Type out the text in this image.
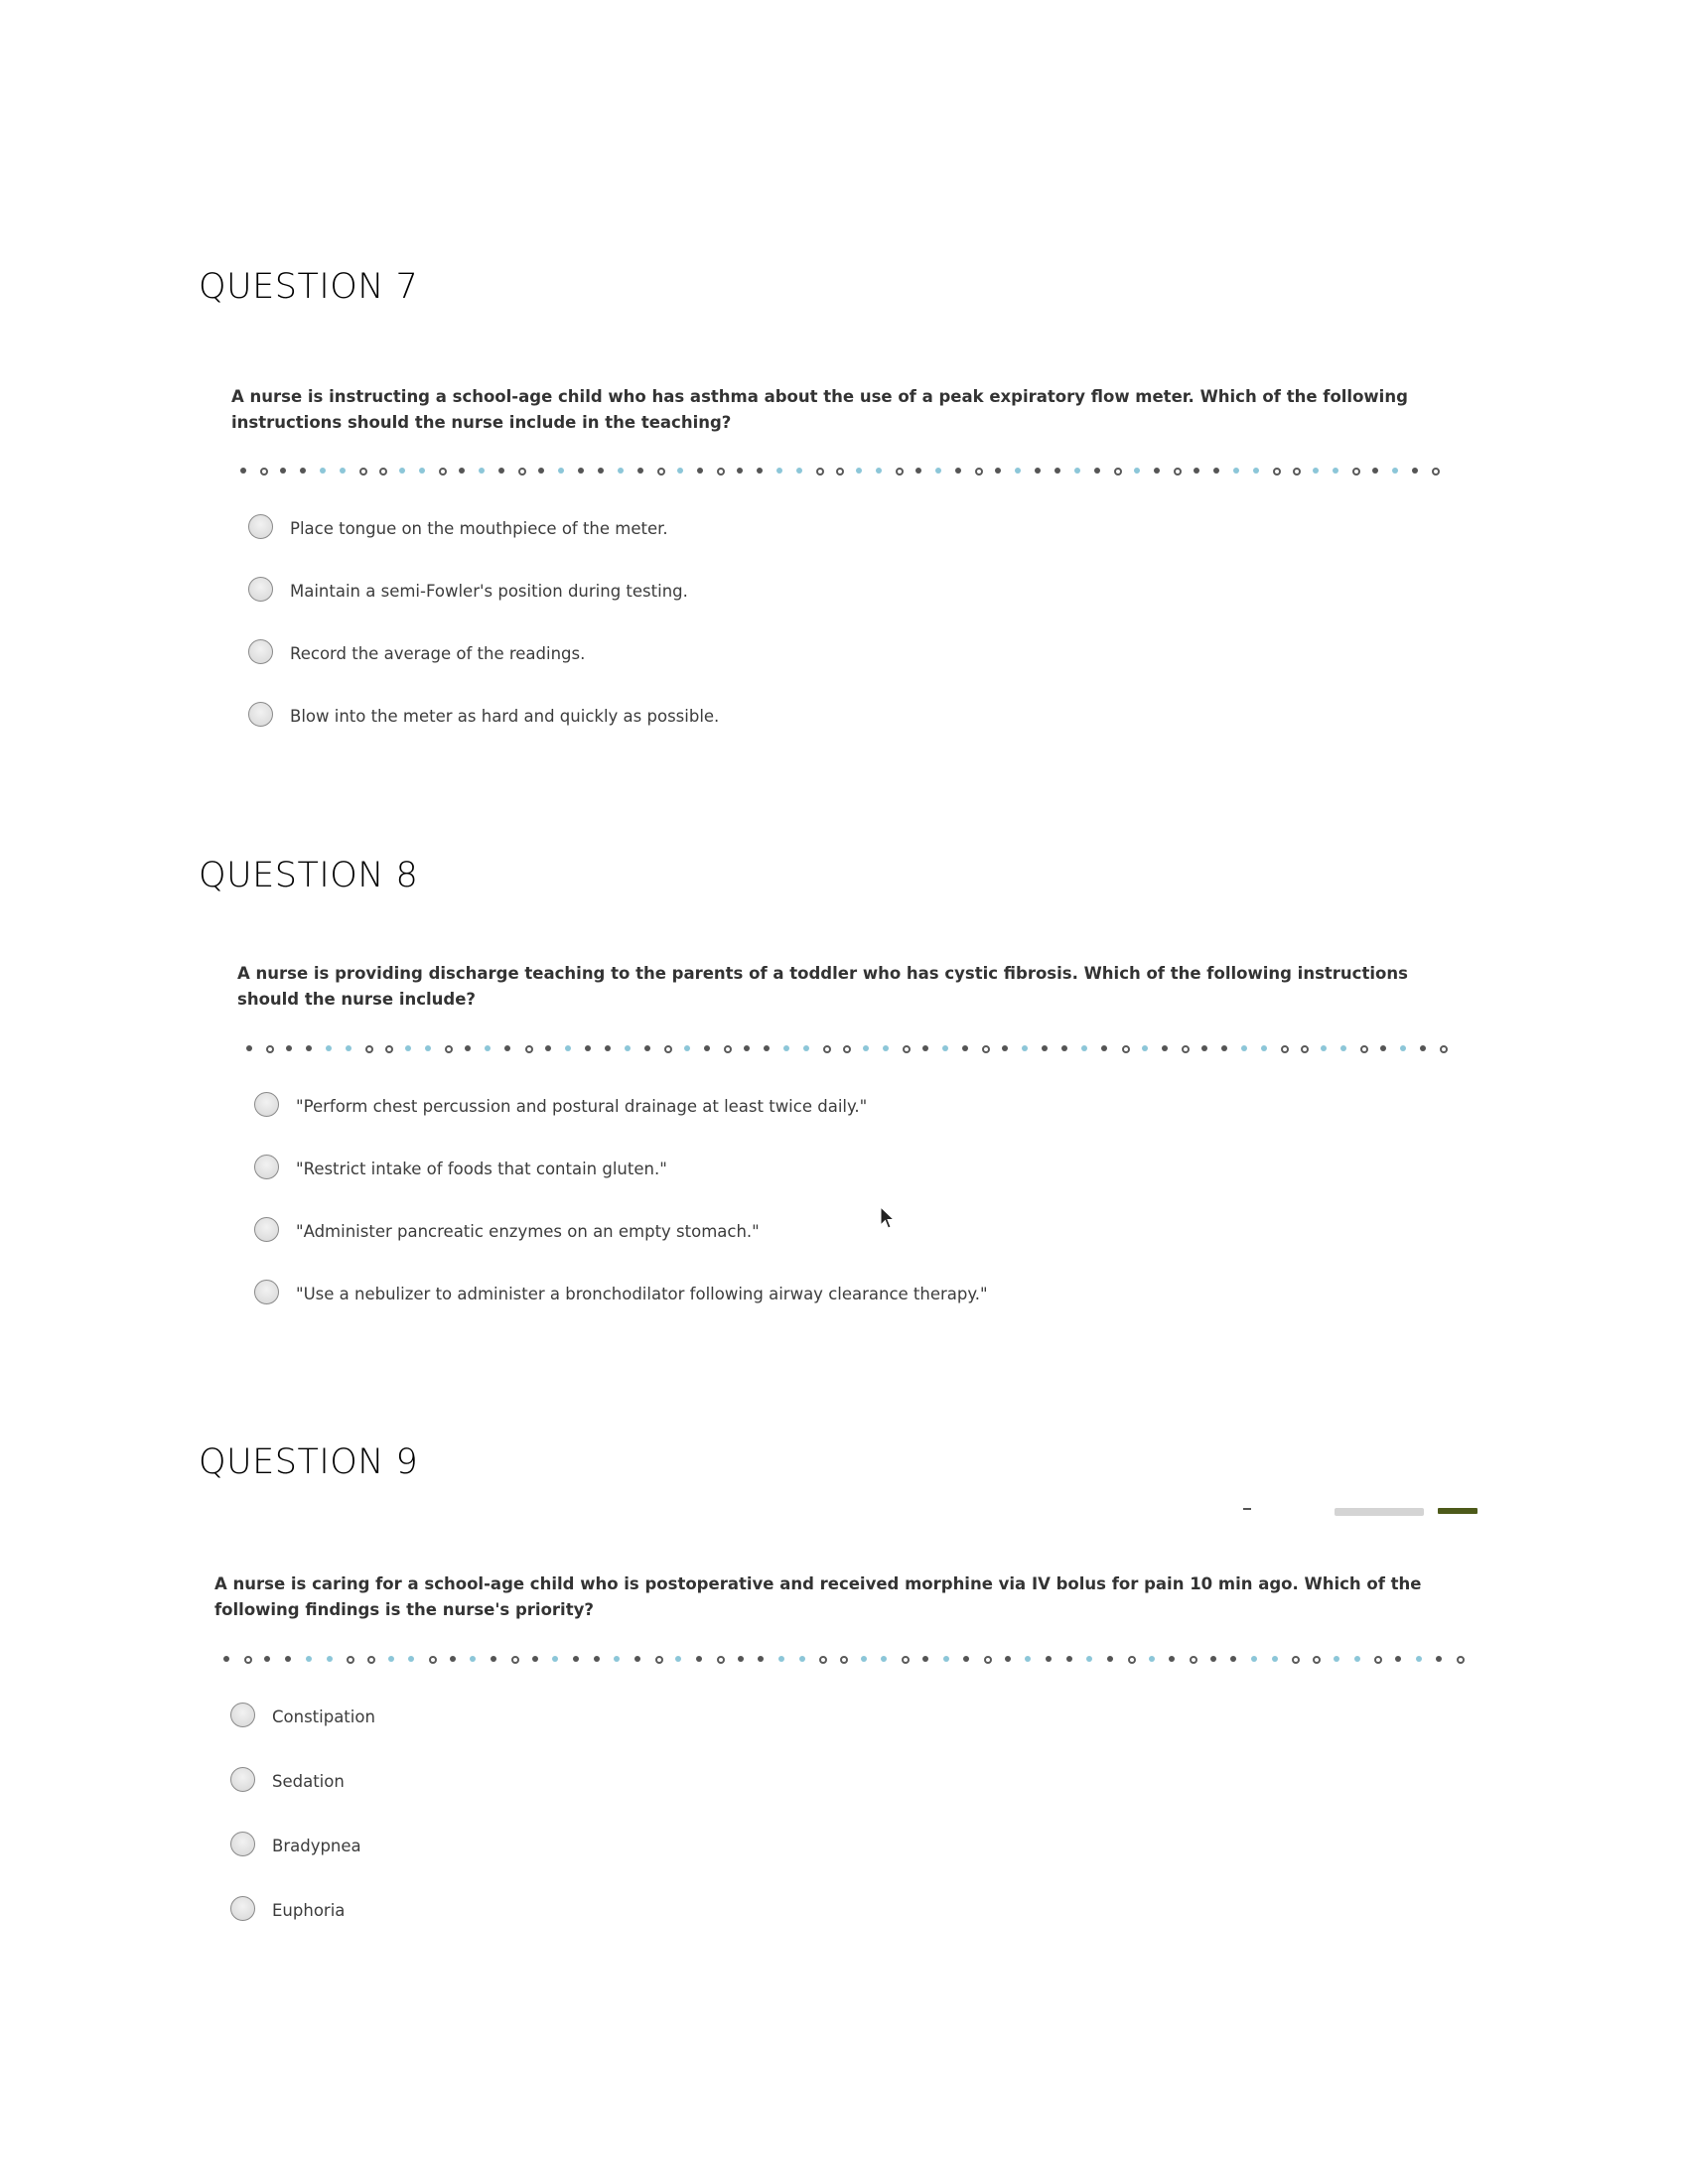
QUESTION 7

A nurse is instructing a school-age child who has asthma about the use of a peak expiratory flow meter. Which of the following instructions should the nurse include in the teaching?

Place tongue on the mouthpiece of the meter.
Maintain a semi-Fowler's position during testing.
Record the average of the readings.
Blow into the meter as hard and quickly as possible.
QUESTION 8

A nurse is providing discharge teaching to the parents of a toddler who has cystic fibrosis. Which of the following instructions should the nurse include?

"Perform chest percussion and postural drainage at least twice daily."
"Restrict intake of foods that contain gluten."
"Administer pancreatic enzymes on an empty stomach."
"Use a nebulizer to administer a bronchodilator following airway clearance therapy."
QUESTION 9

A nurse is caring for a school-age child who is postoperative and received morphine via IV bolus for pain 10 min ago. Which of the following findings is the nurse's priority?

Constipation
Sedation
Bradypnea
Euphoria
